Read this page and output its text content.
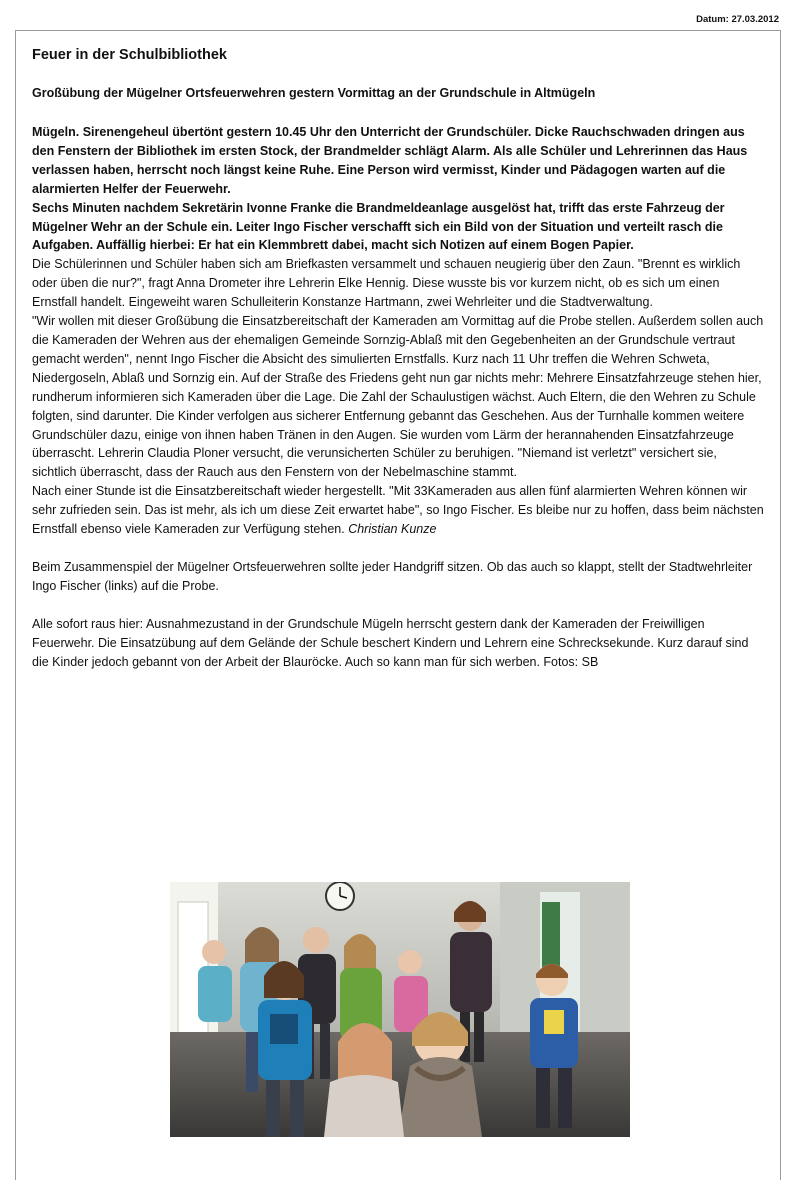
Datum: 27.03.2012
Feuer in der Schulbibliothek
Großübung der Mügelner Ortsfeuerwehren gestern Vormittag an der Grundschule in Altmügeln

Mügeln. Sirenengeheul übertönt gestern 10.45 Uhr den Unterricht der Grundschüler. Dicke Rauchschwaden dringen aus den Fenstern der Bibliothek im ersten Stock, der Brandmelder schlägt Alarm. Als alle Schüler und Lehrerinnen das Haus verlassen haben, herrscht noch längst keine Ruhe. Eine Person wird vermisst, Kinder und Pädagogen warten auf die alarmierten Helfer der Feuerwehr.

Sechs Minuten nachdem Sekretärin Ivonne Franke die Brandmeldeanlage ausgelöst hat, trifft das erste Fahrzeug der Mügelner Wehr an der Schule ein. Leiter Ingo Fischer verschafft sich ein Bild von der Situation und verteilt rasch die Aufgaben. Auffällig hierbei: Er hat ein Klemmbrett dabei, macht sich Notizen auf einem Bogen Papier.

Die Schülerinnen und Schüler haben sich am Briefkasten versammelt und schauen neugierig über den Zaun. "Brennt es wirklich oder üben die nur?", fragt Anna Drometer ihre Lehrerin Elke Hennig. Diese wusste bis vor kurzem nicht, ob es sich um einen Ernstfall handelt. Eingeweiht waren Schulleiterin Konstanze Hartmann, zwei Wehrleiter und die Stadtverwaltung.

"Wir wollen mit dieser Großübung die Einsatzbereitschaft der Kameraden am Vormittag auf die Probe stellen. Außerdem sollen auch die Kameraden der Wehren aus der ehemaligen Gemeinde Sornzig-Ablaß mit den Gegebenheiten an der Grundschule vertraut gemacht werden", nennt Ingo Fischer die Absicht des simulierten Ernstfalls. Kurz nach 11 Uhr treffen die Wehren Schweta, Niedergoseln, Ablaß und Sornzig ein. Auf der Straße des Friedens geht nun gar nichts mehr: Mehrere Einsatzfahrzeuge stehen hier, rundherum informieren sich Kameraden über die Lage. Die Zahl der Schaulustigen wächst. Auch Eltern, die den Wehren zu Schule folgten, sind darunter. Die Kinder verfolgen aus sicherer Entfernung gebannt das Geschehen. Aus der Turnhalle kommen weitere Grundschüler dazu, einige von ihnen haben Tränen in den Augen. Sie wurden vom Lärm der herannahenden Einsatzfahrzeuge überrascht. Lehrerin Claudia Ploner versucht, die verunsicherten Schüler zu beruhigen. "Niemand ist verletzt" versichert sie, sichtlich überrascht, dass der Rauch aus den Fenstern von der Nebelmaschine stammt.

Nach einer Stunde ist die Einsatzbereitschaft wieder hergestellt. "Mit 33Kameraden aus allen fünf alarmierten Wehren können wir sehr zufrieden sein. Das ist mehr, als ich um diese Zeit erwartet habe", so Ingo Fischer. Es bleibe nur zu hoffen, dass beim nächsten Ernstfall ebenso viele Kameraden zur Verfügung stehen. Christian Kunze

Beim Zusammenspiel der Mügelner Ortsfeuerwehren sollte jeder Handgriff sitzen. Ob das auch so klappt, stellt der Stadtwehrleiter Ingo Fischer (links) auf die Probe.

Alle sofort raus hier: Ausnahmezustand in der Grundschule Mügeln herrscht gestern dank der Kameraden der Freiwilligen Feuerwehr. Die Einsatzübung auf dem Gelände der Schule beschert Kindern und Lehrern eine Schrecksekunde. Kurz darauf sind die Kinder jedoch gebannt von der Arbeit der Blauröcke. Auch so kann man für sich werben. Fotos: SB
